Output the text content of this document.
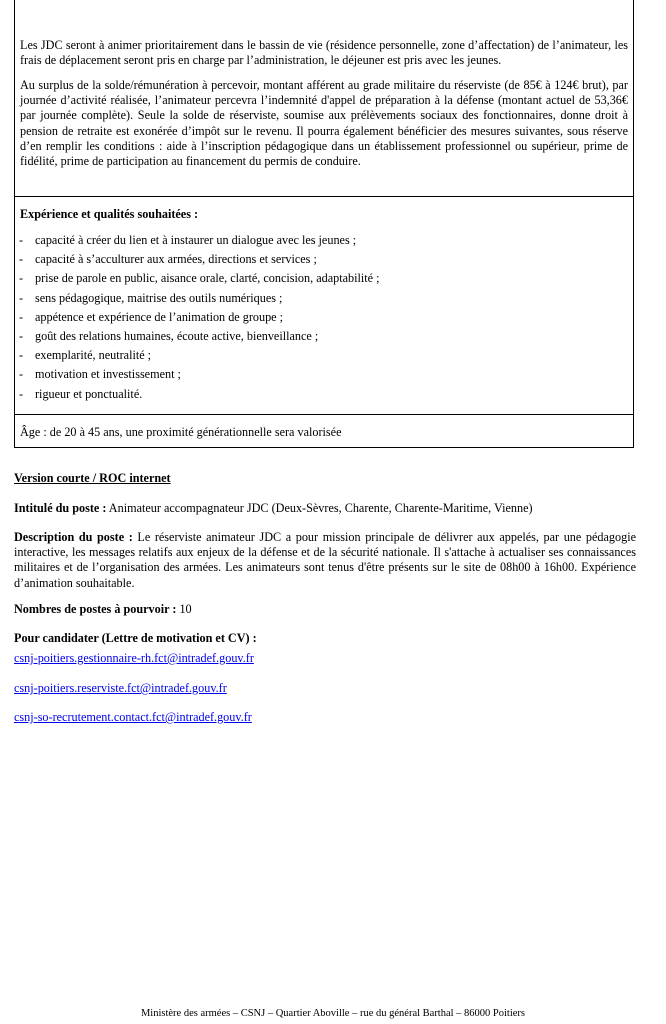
Les JDC seront à animer prioritairement dans le bassin de vie (résidence personnelle, zone d’affectation) de l’animateur, les frais de déplacement seront pris en charge par l’administration, le déjeuner est pris avec les jeunes.

Au surplus de la solde/rémunération à percevoir, montant afférent au grade militaire du réserviste (de 85€ à 124€ brut), par journée d’activité réalisée, l’animateur percevra l’indemnité d'appel de préparation à la défense (montant actuel de 53,36€ par journée complète). Seule la solde de réserviste, soumise aux prélèvements sociaux des fonctionnaires, donne droit à pension de retraite est exonérée d’impôt sur le revenu. Il pourra également bénéficier des mesures suivantes, sous réserve d’en remplir les conditions : aide à l’inscription pédagogique dans un établissement professionnel ou supérieur, prime de fidélité, prime de participation au financement du permis de conduire.

Expérience et qualités souhaitées :
- capacité à créer du lien et à instaurer un dialogue avec les jeunes ;
- capacité à s’acculturer aux armées, directions et services ;
- prise de parole en public, aisance orale, clarté, concision, adaptabilité ;
- sens pédagogique, maitrise des outils numériques ;
- appétence et expérience de l’animation de groupe ;
- goût des relations humaines, écoute active, bienveillance ;
- exemplarité, neutralité ;
- motivation et investissement ;
- rigueur et ponctualité.
Âge : de 20 à 45 ans, une proximité générationnelle sera valorisée
Version courte / ROC internet
Intitulé du poste : Animateur accompagnateur JDC (Deux-Sèvres, Charente, Charente-Maritime, Vienne)
Description du poste : Le réserviste animateur JDC a pour mission principale de délivrer aux appelés, par une pédagogie interactive, les messages relatifs aux enjeux de la défense et de la sécurité nationale. Il s'attache à actualiser ses connaissances militaires et de l’organisation des armées. Les animateurs sont tenus d'être présents sur le site de 08h00 à 16h00. Expérience d’animation souhaitable.
Nombres de postes à pourvoir : 10
Pour candidater (Lettre de motivation et CV) :
csnj-poitiers.gestionnaire-rh.fct@intradef.gouv.fr
csnj-poitiers.reserviste.fct@intradef.gouv.fr
csnj-so-recrutement.contact.fct@intradef.gouv.fr
Ministère des armées – CSNJ – Quartier Aboville – rue du général Barthal – 86000 Poitiers
